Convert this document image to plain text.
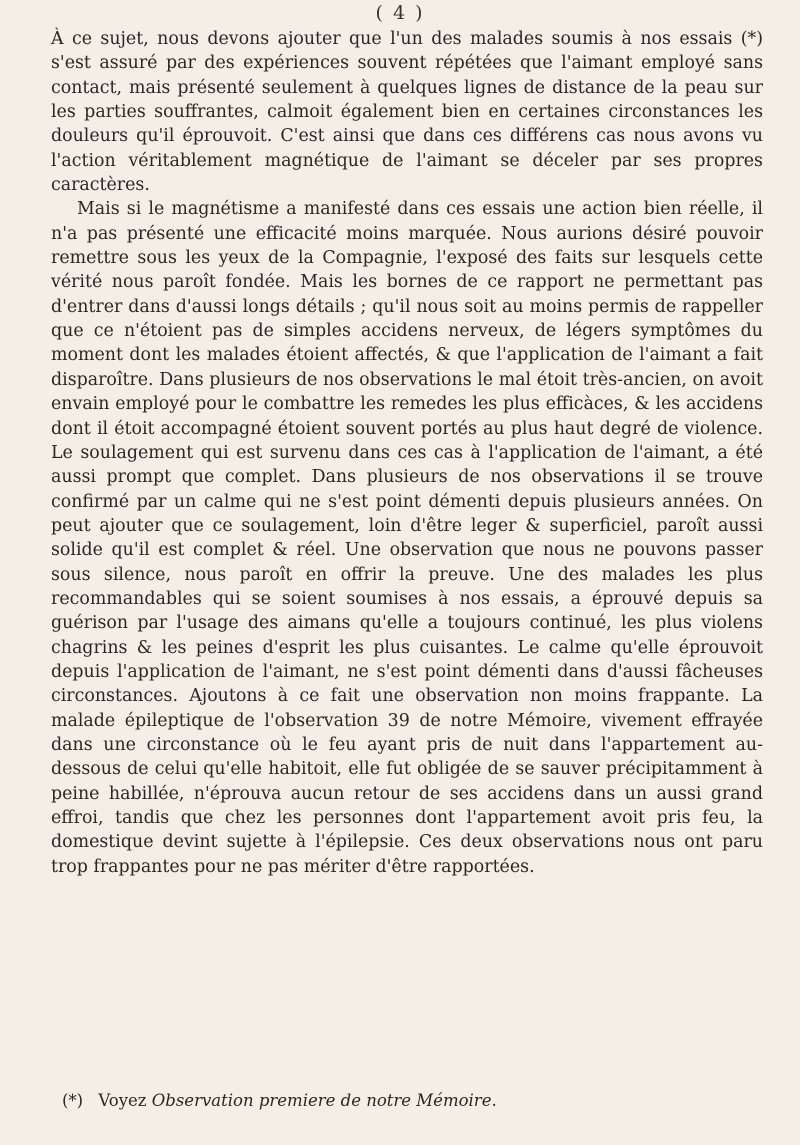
( 4 )

À ce sujet, nous devons ajouter que l'un des malades soumis à nos essais (*) s'est assuré par des expériences souvent répétées que l'aimant employé sans contact, mais présenté seulement à quelques lignes de distance de la peau sur les parties souffrantes, calmoit également bien en certaines circonstances les douleurs qu'il éprouvoit. C'est ainsi que dans ces différens cas nous avons vu l'action véritablement magnétique de l'aimant se déceler par ses propres caractères.

Mais si le magnétisme a manifesté dans ces essais une action bien réelle, il n'a pas présenté une efficacité moins marquée. Nous aurions désiré pouvoir remettre sous les yeux de la Compagnie, l'exposé des faits sur lesquels cette vérité nous paroît fondée. Mais les bornes de ce rapport ne permettant pas d'entrer dans d'aussi longs détails ; qu'il nous soit au moins permis de rappeller que ce n'étoient pas de simples accidens nerveux, de légers symptômes du moment dont les malades étoient affectés, & que l'application de l'aimant a fait disparoître. Dans plusieurs de nos observations le mal étoit très-ancien, on avoit envain employé pour le combattre les remedes les plus efficàces, & les accidens dont il étoit accompagné étoient souvent portés au plus haut degré de violence. Le soulagement qui est survenu dans ces cas à l'application de l'aimant, a été aussi prompt que complet. Dans plusieurs de nos observations il se trouve confirmé par un calme qui ne s'est point démenti depuis plusieurs années. On peut ajouter que ce soulagement, loin d'être leger & superficiel, paroît aussi solide qu'il est complet & réel. Une observation que nous ne pouvons passer sous silence, nous paroît en offrir la preuve. Une des malades les plus recommandables qui se soient soumises à nos essais, a éprouvé depuis sa guérison par l'usage des aimans qu'elle a toujours continué, les plus violens chagrins & les peines d'esprit les plus cuisantes. Le calme qu'elle éprouvoit depuis l'application de l'aimant, ne s'est point démenti dans d'aussi fâcheuses circonstances. Ajoutons à ce fait une observation non moins frappante. La malade épileptique de l'observation 39 de notre Mémoire, vivement effrayée dans une circonstance où le feu ayant pris de nuit dans l'appartement au-dessous de celui qu'elle habitoit, elle fut obligée de se sauver précipitamment à peine habillée, n'éprouva aucun retour de ses accidens dans un aussi grand effroi, tandis que chez les personnes dont l'appartement avoit pris feu, la domestique devint sujette à l'épilepsie. Ces deux observations nous ont paru trop frappantes pour ne pas mériter d'être rapportées.

(*) Voyez Observation premiere de notre Mémoire.
